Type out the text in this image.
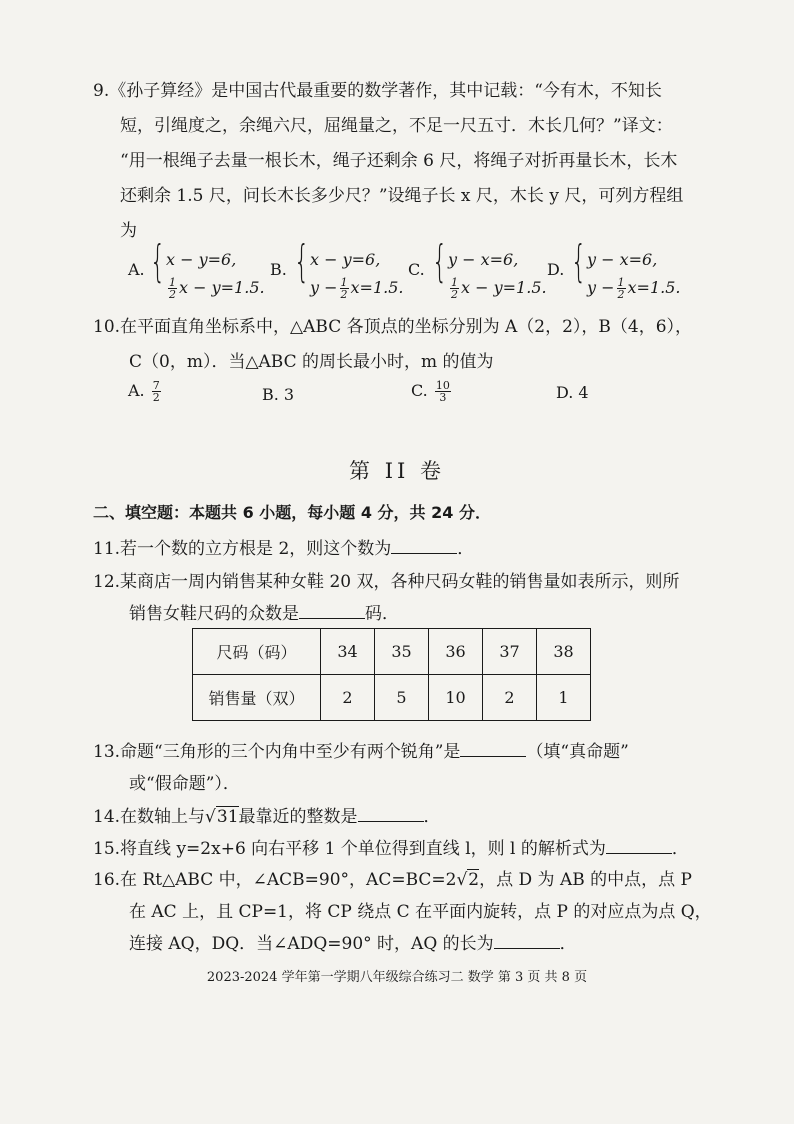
9.《孙子算经》是中国古代最重要的数学著作，其中记载：“今有木，不知长
短，引绳度之，余绳六尺，屈绳量之，不足一尺五寸．木长几何？”译文：
“用一根绳子去量一根长木，绳子还剩余 6 尺，将绳子对折再量长木，长木
还剩余 1.5 尺，问长木长多少尺？”设绳子长 x 尺，木长 y 尺，可列方程组
为
A. { x − y=6,
$\frac{1}{2}$ x − y=1.5.
B. { x − y=6,
$y - \frac{1}{2} x=1.5$.
C. { y − x=6,
$\frac{1}{2}$ x − y=1.5.
D. { y − x=6,
$y - \frac{1}{2} x=1.5$.
10.在平面直角坐标系中，△ABC 各顶点的坐标分别为 A（2，2），B（4，6），
C（0，m）．当△ABC 的周长最小时，m 的值为
A. $\frac{7}{2}$	B. 3	C. $\frac{10}{3}$	D. 4
第 II 卷
二、填空题：本题共 6 小题，每小题 4 分，共 24 分．
11.若一个数的立方根是 2，则这个数为	．
12.某商店一周内销售某种女鞋 20 双，各种尺码女鞋的销售量如表所示，则所
销售女鞋尺码的众数是	码．
尺码（码）	34	35	36	37	38
销售量（双）	2	5	10	2	1
13.命题“三角形的三个内角中至少有两个锐角”是	（填“真命题”
或“假命题”）．
14.在数轴上与√31最靠近的整数是	．
15.将直线 y=2x+6 向右平移 1 个单位得到直线 l，则 l 的解析式为	．
16.在 Rt△ABC 中，∠ACB=90°，AC=BC=2√2，点 D 为 AB 的中点，点 P
在 AC 上，且 CP=1，将 CP 绕点 C 在平面内旋转，点 P 的对应点为点 Q，
连接 AQ，DQ．当∠ADQ=90° 时，AQ 的长为	．
2023-2024 学年第一学期八年级综合练习二 数学 第 3 页 共 8 页
